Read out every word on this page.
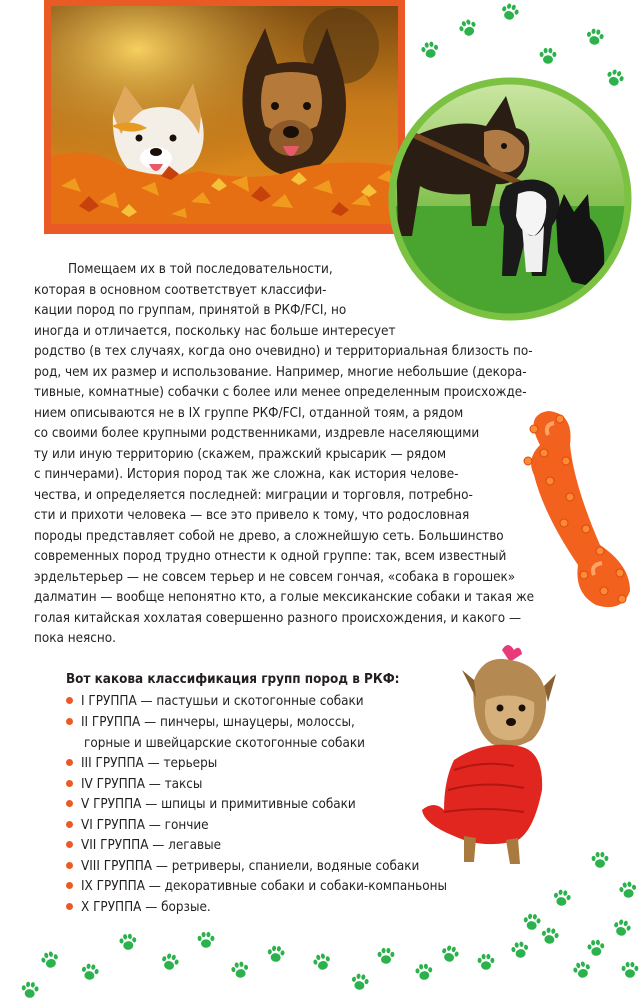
Помещаем их в той последовательности,
которая в основном соответствует классифи-
кации пород по группам, принятой в РКФ/FCI, но
иногда и отличается, поскольку нас больше интересует
родство (в тех случаях, когда оно очевидно) и территориальная близость по-
род, чем их размер и использование. Например, многие небольшие (декора-
тивные, комнатные) собачки с более или менее определенным происхожде-
нием описываются не в IX группе РКФ/FCI, отданной тоям, а рядом
со своими более крупными родственниками, издревле населяющими
ту или иную территорию (скажем, пражский крысарик — рядом
с пинчерами). История пород так же сложна, как история челове-
чества, и определяется последней: миграции и торговля, потребно-
сти и прихоти человека — все это привело к тому, что родословная
породы представляет собой не древо, а сложнейшую сеть. Большинство
современных пород трудно отнести к одной группе: так, всем известный
эрдельтерьер — не совсем терьер и не совсем гончая, «собака в горошек»
далматин — вообще непонятно кто, а голые мексиканские собаки и такая же
голая китайская хохлатая совершенно разного происхождения, и какого —
пока неясно.
Вот какова классификация групп пород в РКФ:
I ГРУППА — пастушьи и скотогонные собаки
II ГРУППА — пинчеры, шнауцеры, молоссы,
горные и швейцарские скотогонные собаки
III ГРУППА — терьеры
IV ГРУППА — таксы
V ГРУППА — шпицы и примитивные собаки
VI ГРУППА — гончие
VII ГРУППА — легавые
VIII ГРУППА — ретриверы, спаниели, водяные собаки
IX ГРУППА — декоративные собаки и собаки-компаньоны
X ГРУППА — борзые.
